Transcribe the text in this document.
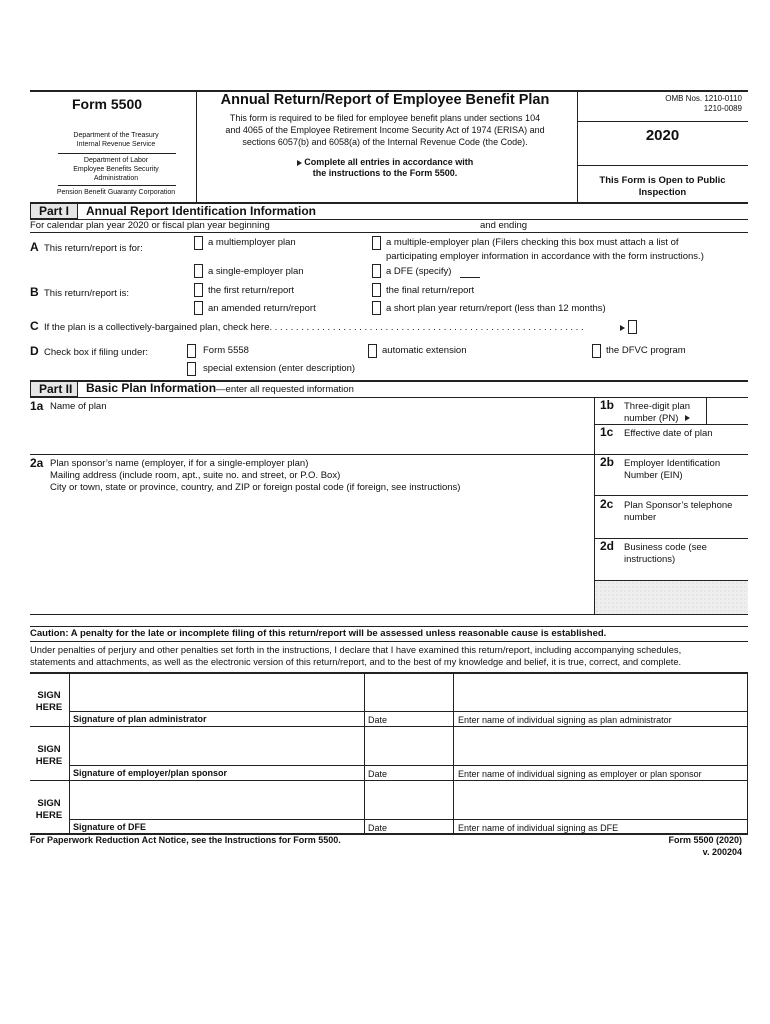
Form 5500
Department of the Treasury
Internal Revenue Service
Department of Labor
Employee Benefits Security
Administration
Pension Benefit Guaranty Corporation
Annual Return/Report of Employee Benefit Plan
This form is required to be filed for employee benefit plans under sections 104
and 4065 of the Employee Retirement Income Security Act of 1974 (ERISA) and
sections 6057(b) and 6058(a) of the Internal Revenue Code (the Code).
Complete all entries in accordance with
the instructions to the Form 5500.
OMB Nos. 1210-0110
1210-0089
2020
This Form is Open to Public
Inspection
Part I	Annual Report Identification Information
For calendar plan year 2020 or fiscal plan year beginning	and ending
A This return/report is for:
a multiemployer plan	a multiple-employer plan (Filers checking this box must attach a list of
participating employer information in accordance with the form instructions.)
a single-employer plan	a DFE (specify)
B This return/report is:	the first return/report	the final return/report
an amended return/report	a short plan year return/report (less than 12 months)
C If the plan is a collectively-bargained plan, check here. . . . . . . . . . . . . . . . . . . . . . . . . . . . . . . . . . . . . . . . . . . . . . . . . . . . . . . . . . . .
D Check box if filing under:	Form 5558	automatic extension	the DFVC program
special extension (enter description)
Part II	Basic Plan Information—enter all requested information
1a Name of plan	1b Three-digit plan
number (PN)
1c Effective date of plan
2a Plan sponsor’s name (employer, if for a single-employer plan)
Mailing address (include room, apt., suite no. and street, or P.O. Box)
City or town, state or province, country, and ZIP or foreign postal code (if foreign, see instructions)
2b Employer Identification
Number (EIN)
2c Plan Sponsor’s telephone
number
2d Business code (see
instructions)
Caution: A penalty for the late or incomplete filing of this return/report will be assessed unless reasonable cause is established.
Under penalties of perjury and other penalties set forth in the instructions, I declare that I have examined this return/report, including accompanying schedules,
statements and attachments, as well as the electronic version of this return/report, and to the best of my knowledge and belief, it is true, correct, and complete.
SIGN
HERE
Signature of plan administrator	Date	Enter name of individual signing as plan administrator
SIGN
HERE
Signature of employer/plan sponsor	Date	Enter name of individual signing as employer or plan sponsor
SIGN
HERE
Signature of DFE	Date	Enter name of individual signing as DFE
For Paperwork Reduction Act Notice, see the Instructions for Form 5500.	Form 5500 (2020)
v. 200204
